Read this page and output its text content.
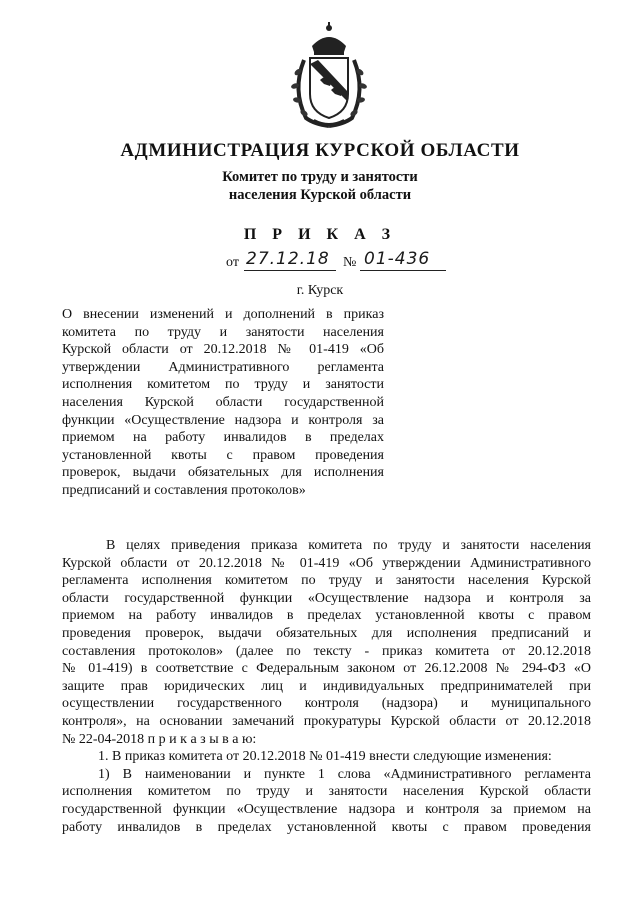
АДМИНИСТРАЦИЯ КУРСКОЙ ОБЛАСТИ
Комитет по труду и занятости
населения Курской области
П Р И К А З
от 27.12.18 № 01-436
г. Курск
О внесении изменений и дополнений в приказ
комитета по труду и занятости населения
Курской области от 20.12.2018 № 01-419 «Об
утверждении Административного регламента
исполнения комитетом по труду и занятости
населения Курской области государственной
функции «Осуществление надзора и контроля за
приемом на работу инвалидов в пределах
установленной квоты с правом проведения
проверок, выдачи обязательных для исполнения
предписаний и составления протоколов»
В целях приведения приказа комитета по труду и занятости населения
Курской области от 20.12.2018 № 01-419 «Об утверждении Административного
регламента исполнения комитетом по труду и занятости населения Курской
области государственной функции «Осуществление надзора и контроля за
приемом на работу инвалидов в пределах установленной квоты с правом
проведения проверок, выдачи обязательных для исполнения предписаний и
составления протоколов» (далее по тексту - приказ комитета от 20.12.2018
№ 01-419) в соответствие с Федеральным законом от 26.12.2008 № 294-ФЗ «О
защите прав юридических лиц и индивидуальных предпринимателей при
осуществлении государственного контроля (надзора) и муниципального
контроля», на основании замечаний прокуратуры Курской области от 20.12.2018
№ 22-04-2018 п р и к а з ы в а ю:
1. В приказ комитета от 20.12.2018 № 01-419 внести следующие изменения:
1) В наименовании и пункте 1 слова «Административного регламента
исполнения комитетом по труду и занятости населения Курской области
государственной функции «Осуществление надзора и контроля за приемом на
работу инвалидов в пределах установленной квоты с правом проведения
